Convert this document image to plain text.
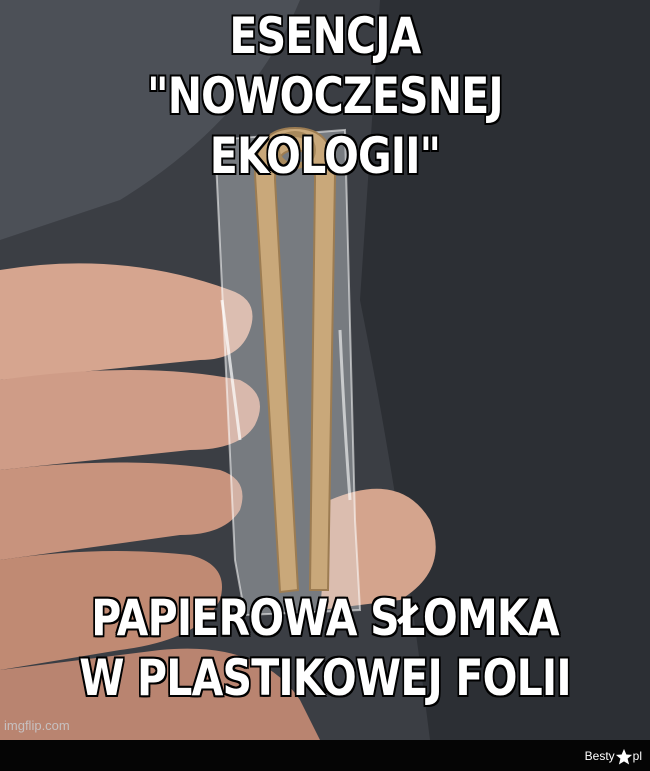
ESENCJA
"NOWOCZESNEJ EKOLOGII"
PAPIEROWA SŁOMKA
W PLASTIKOWEJ FOLII
imgflip.com
Besty pl
